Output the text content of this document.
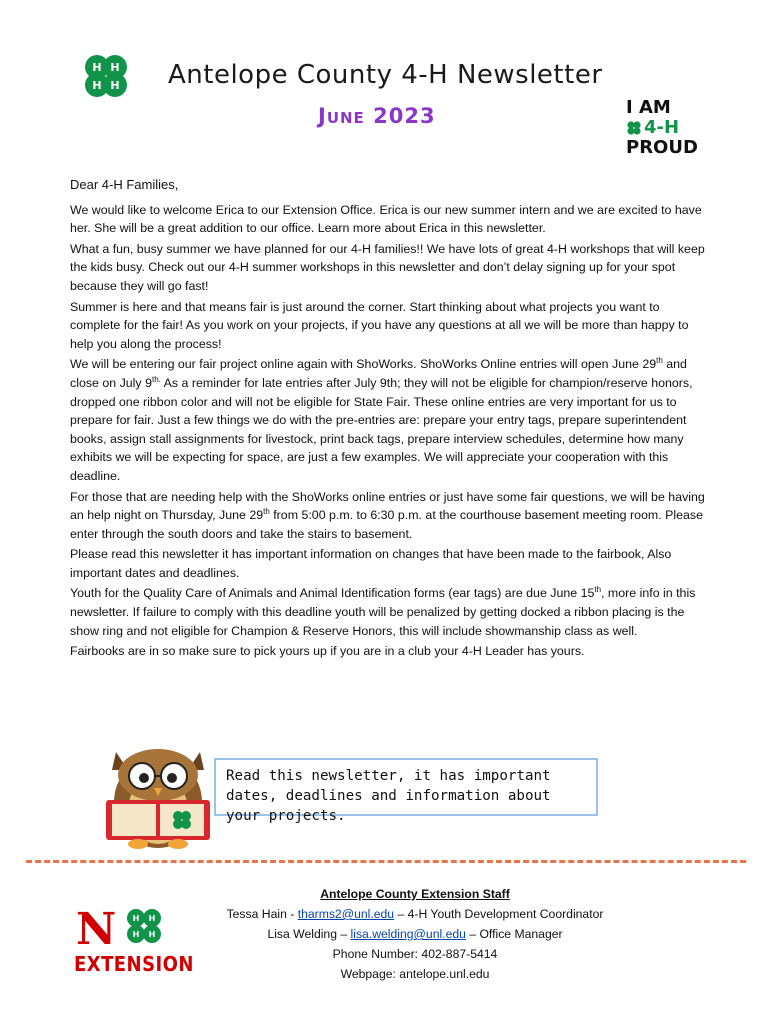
H H
H H Antelope County 4-H Newsletter
June 2023	I AM
4-H
PROUD

Dear 4-H Families,

We would like to welcome Erica to our Extension Office. Erica is our new summer intern and we are excited to have her. She will be a great addition to our office. Learn more about Erica in this newsletter.

What a fun, busy summer we have planned for our 4-H families!! We have lots of great 4-H workshops that will keep the kids busy. Check out our 4-H summer workshops in this newsletter and don’t delay signing up for your spot because they will go fast!

Summer is here and that means fair is just around the corner. Start thinking about what projects you want to complete for the fair! As you work on your projects, if you have any questions at all we will be more than happy to help you along the process!

We will be entering our fair project online again with ShoWorks. ShoWorks Online entries will open June 29th and close on July $9^{th.}$ As a reminder for late entries after July 9th; they will not be eligible for champion/reserve honors, dropped one ribbon color and will not be eligible for State Fair. These online entries are very important for us to prepare for fair. Just a few things we do with the pre-entries are: prepare your entry tags, prepare superintendent books, assign stall assignments for livestock, print back tags, prepare interview schedules, determine how many exhibits we will be expecting for space, are just a few examples. We will appreciate your cooperation with this deadline.

For those that are needing help with the ShoWorks online entries or just have some fair questions, we will be having an help night on Thursday, June 29th from 5:00 p.m. to 6:30 p.m. at the courthouse basement meeting room. Please enter through the south doors and take the stairs to basement.

Please read this newsletter it has important information on changes that have been made to the fairbook, Also important dates and deadlines.

Youth for the Quality Care of Animals and Animal Identification forms (ear tags) are due June 15th, more info in this newsletter. If failure to comply with this deadline youth will be penalized by getting docked a ribbon placing is the show ring and not eligible for Champion & Reserve Honors, this will include showmanship class as well.

Fairbooks are in so make sure to pick yours up if you are in a club your 4-H Leader has yours.

Read this newsletter, it has important dates, deadlines and information about your projects.
N H H
H H
EXTENSION
Antelope County Extension Staff
Tessa Hain - tharms2@unl.edu – 4-H Youth Development Coordinator
Lisa Welding – lisa.welding@unl.edu – Office Manager
Phone Number: 402-887-5414
Webpage: antelope.unl.edu
